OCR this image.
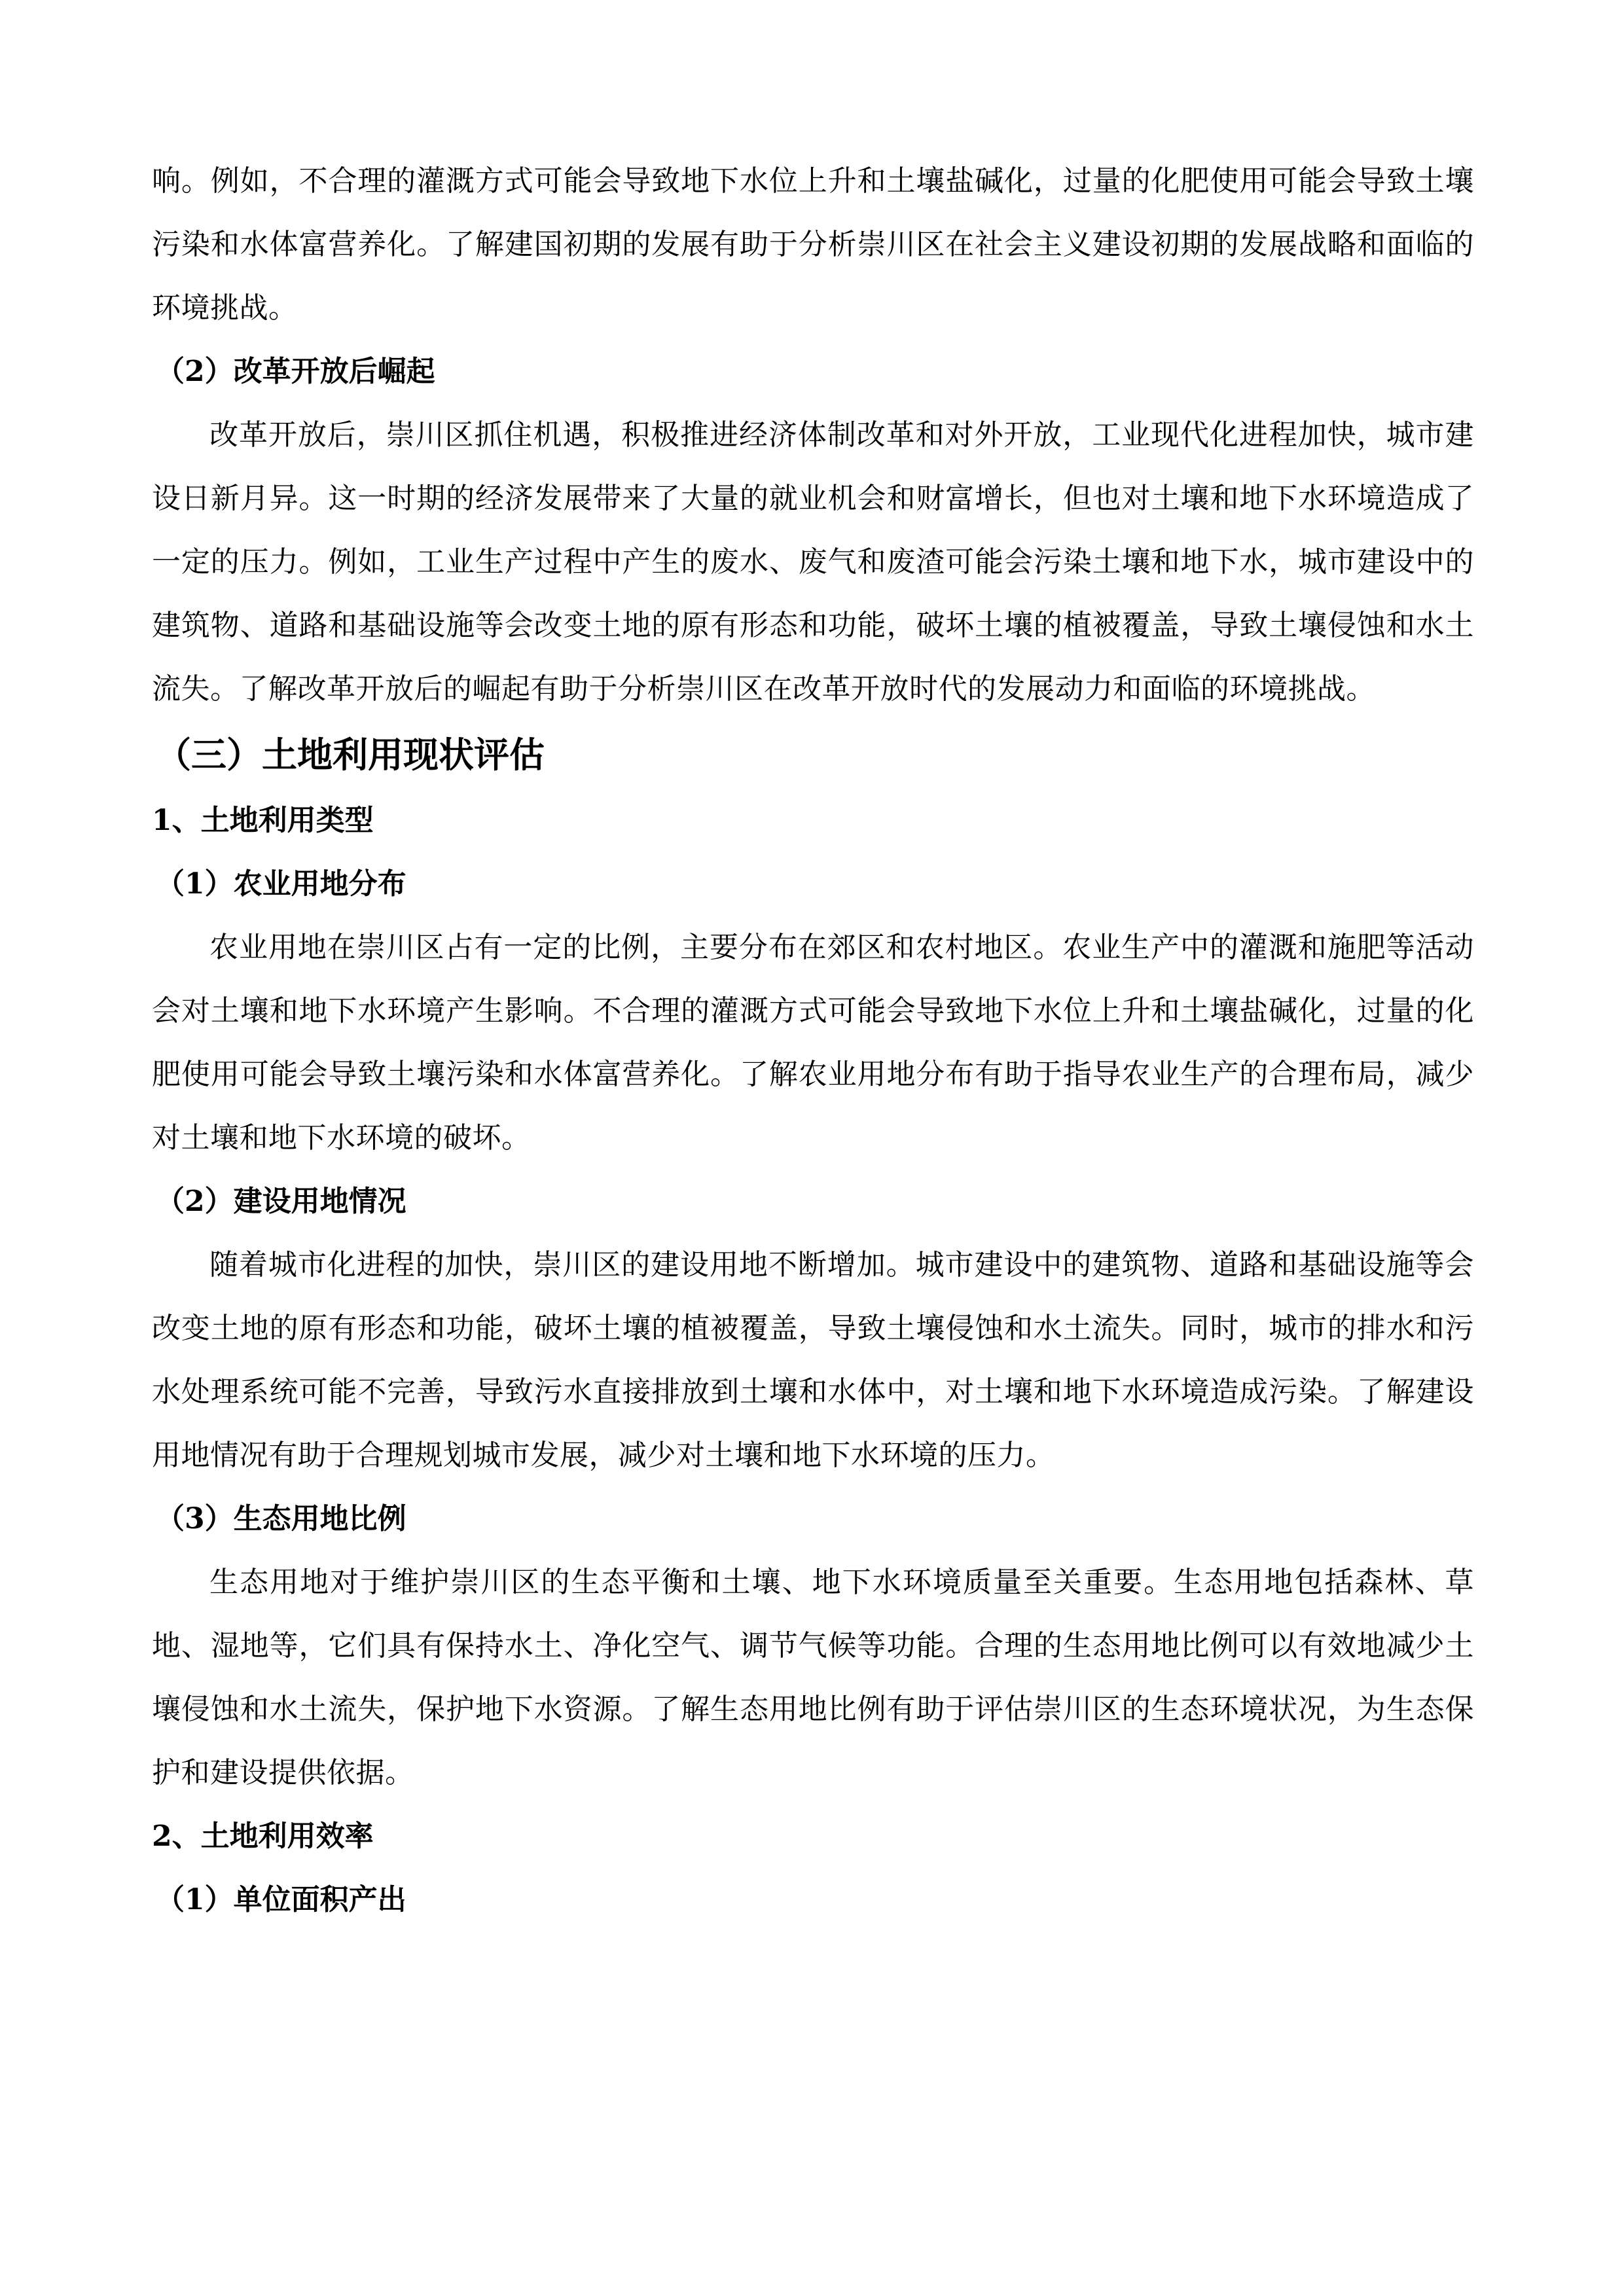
响。例如，不合理的灌溉方式可能会导致地下水位上升和土壤盐碱化，过量的化肥使用可能会导致土壤污染和水体富营养化。了解建国初期的发展有助于分析崇川区在社会主义建设初期的发展战略和面临的环境挑战。

（2）改革开放后崛起

改革开放后，崇川区抓住机遇，积极推进经济体制改革和对外开放，工业现代化进程加快，城市建设日新月异。这一时期的经济发展带来了大量的就业机会和财富增长，但也对土壤和地下水环境造成了一定的压力。例如，工业生产过程中产生的废水、废气和废渣可能会污染土壤和地下水，城市建设中的建筑物、道路和基础设施等会改变土地的原有形态和功能，破坏土壤的植被覆盖，导致土壤侵蚀和水土流失。了解改革开放后的崛起有助于分析崇川区在改革开放时代的发展动力和面临的环境挑战。

（三）土地利用现状评估
1、土地利用类型
（1）农业用地分布

农业用地在崇川区占有一定的比例，主要分布在郊区和农村地区。农业生产中的灌溉和施肥等活动会对土壤和地下水环境产生影响。不合理的灌溉方式可能会导致地下水位上升和土壤盐碱化，过量的化肥使用可能会导致土壤污染和水体富营养化。了解农业用地分布有助于指导农业生产的合理布局，减少对土壤和地下水环境的破坏。

（2）建设用地情况

随着城市化进程的加快，崇川区的建设用地不断增加。城市建设中的建筑物、道路和基础设施等会改变土地的原有形态和功能，破坏土壤的植被覆盖，导致土壤侵蚀和水土流失。同时，城市的排水和污水处理系统可能不完善，导致污水直接排放到土壤和水体中，对土壤和地下水环境造成污染。了解建设用地情况有助于合理规划城市发展，减少对土壤和地下水环境的压力。

（3）生态用地比例

生态用地对于维护崇川区的生态平衡和土壤、地下水环境质量至关重要。生态用地包括森林、草地、湿地等，它们具有保持水土、净化空气、调节气候等功能。合理的生态用地比例可以有效地减少土壤侵蚀和水土流失，保护地下水资源。了解生态用地比例有助于评估崇川区的生态环境状况，为生态保护和建设提供依据。

2、土地利用效率
（1）单位面积产出
